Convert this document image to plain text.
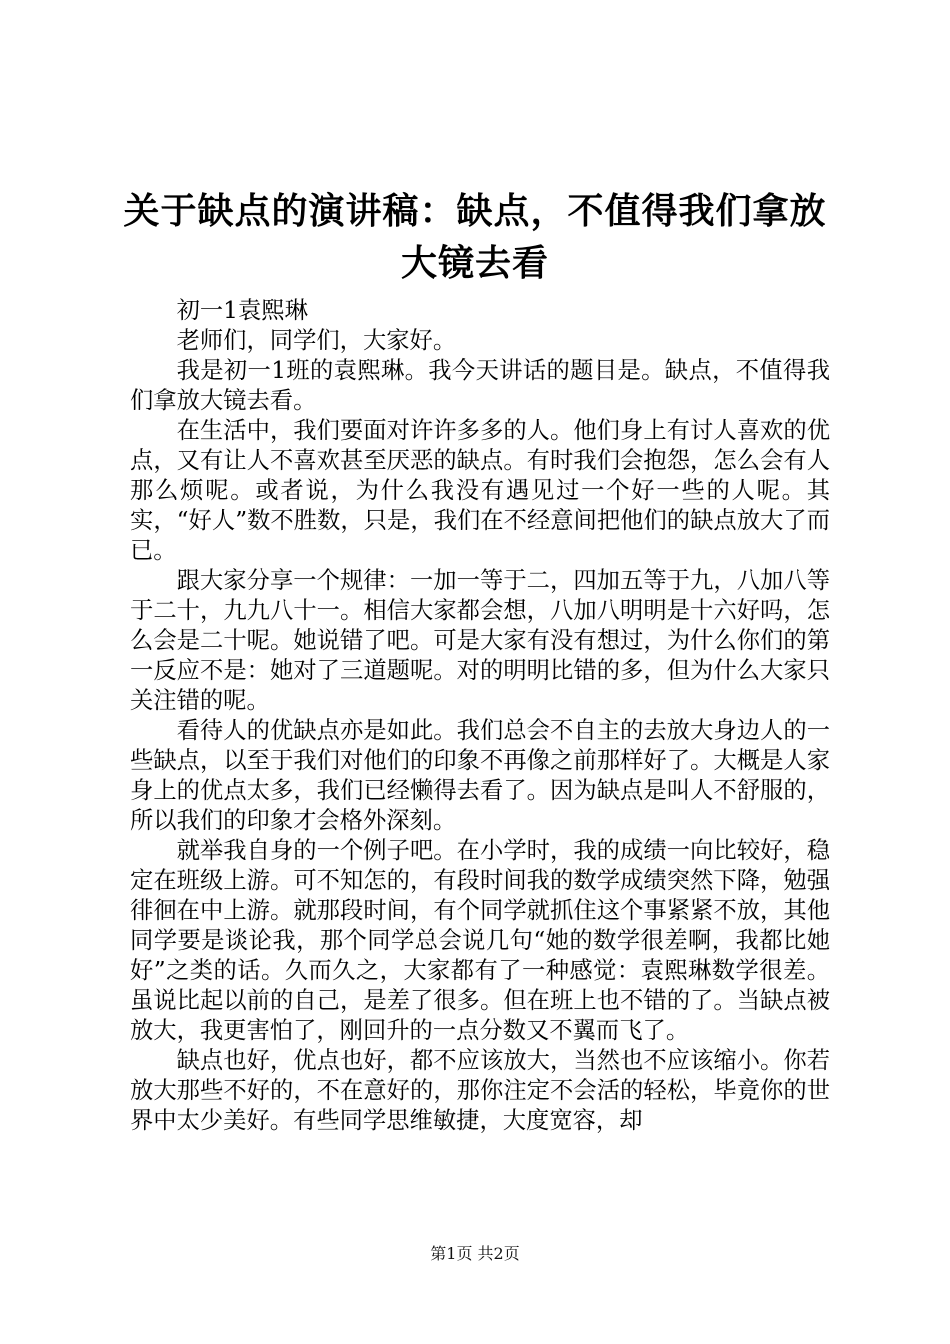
关于缺点的演讲稿：缺点，不值得我们拿放大镜去看

初一1袁熙琳

老师们，同学们，大家好。

我是初一1班的袁熙琳。我今天讲话的题目是。缺点，不值得我们拿放大镜去看。

在生活中，我们要面对许许多多的人。他们身上有讨人喜欢的优点，又有让人不喜欢甚至厌恶的缺点。有时我们会抱怨，怎么会有人那么烦呢。或者说，为什么我没有遇见过一个好一些的人呢。其实，“好人”数不胜数，只是，我们在不经意间把他们的缺点放大了而已。

跟大家分享一个规律：一加一等于二，四加五等于九，八加八等于二十，九九八十一。相信大家都会想，八加八明明是十六好吗，怎么会是二十呢。她说错了吧。可是大家有没有想过，为什么你们的第一反应不是：她对了三道题呢。对的明明比错的多，但为什么大家只关注错的呢。

看待人的优缺点亦是如此。我们总会不自主的去放大身边人的一些缺点，以至于我们对他们的印象不再像之前那样好了。大概是人家身上的优点太多，我们已经懒得去看了。因为缺点是叫人不舒服的，所以我们的印象才会格外深刻。

就举我自身的一个例子吧。在小学时，我的成绩一向比较好，稳定在班级上游。可不知怎的，有段时间我的数学成绩突然下降，勉强徘徊在中上游。就那段时间，有个同学就抓住这个事紧紧不放，其他同学要是谈论我，那个同学总会说几句“她的数学很差啊，我都比她好”之类的话。久而久之，大家都有了一种感觉：袁熙琳数学很差。虽说比起以前的自己，是差了很多。但在班上也不错的了。当缺点被放大，我更害怕了，刚回升的一点分数又不翼而飞了。

缺点也好，优点也好，都不应该放大，当然也不应该缩小。你若放大那些不好的，不在意好的，那你注定不会活的轻松，毕竟你的世界中太少美好。有些同学思维敏捷，大度宽容，却

第1页 共2页
